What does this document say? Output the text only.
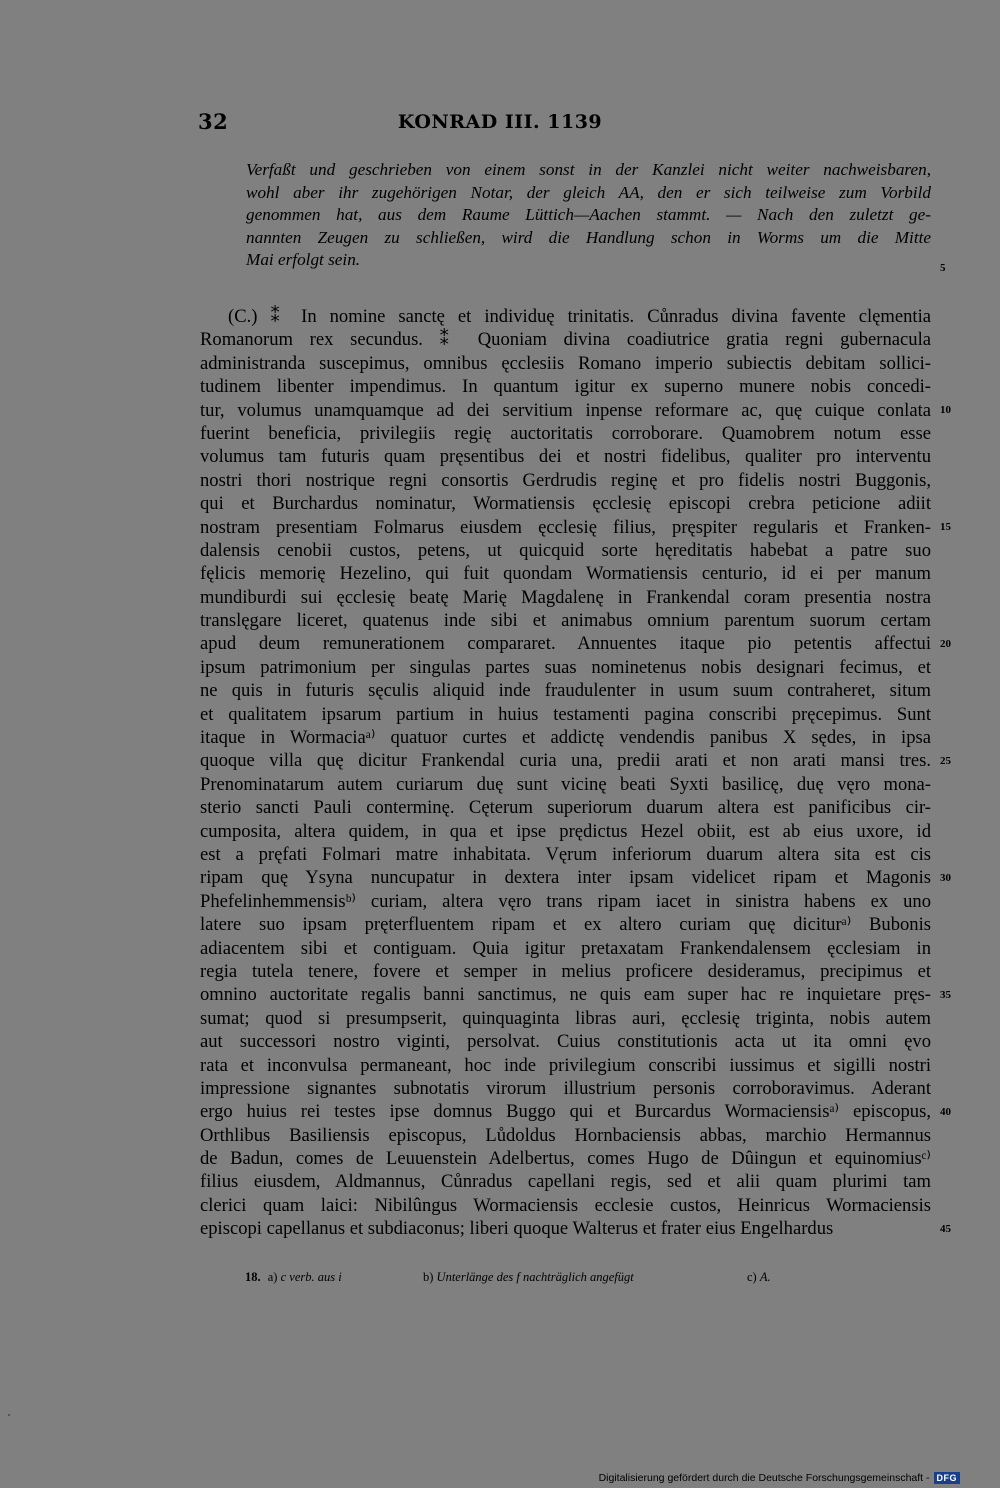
32	KONRAD III. 1139
Verfaßt und geschrieben von einem sonst in der Kanzlei nicht weiter nachweisbaren,
wohl aber ihr zugehörigen Notar, der gleich AA, den er sich teilweise zum Vorbild
genommen hat, aus dem Raume Lüttich—Aachen stammt. — Nach den zuletzt ge-
nannten Zeugen zu schließen, wird die Handlung schon in Worms um die Mitte
Mai erfolgt sein.	5
(C.) ⁑ In nomine sanctę et individuę trinitatis. Cůnradus divina favente clęmentia
Romanorum rex secundus. ⁑ Quoniam divina coadiutrice gratia regni gubernacula
administranda suscepimus, omnibus ęcclesiis Romano imperio subiectis debitam sollici-
tudinem libenter impendimus. In quantum igitur ex superno munere nobis concedi-
tur, volumus unamquamque ad dei servitium inpense reformare ac, quę cuique conlata
fuerint beneficia, privilegiis regię auctoritatis corroborare. Quamobrem notum esse
volumus tam futuris quam pręsentibus dei et nostri fidelibus, qualiter pro interventu
nostri thori nostrique regni consortis Gerdrudis reginę et pro fidelis nostri Buggonis,
qui et Burchardus nominatur, Wormatiensis ęcclesię episcopi crebra peticione adiit
nostram presentiam Folmarus eiusdem ęcclesię filius, pręspiter regularis et Franken-
dalensis cenobii custos, petens, ut quicquid sorte hęreditatis habebat a patre suo
fęlicis memorię Hezelino, qui fuit quondam Wormatiensis centurio, id ei per manum
mundiburdi sui ęcclesię beatę Marię Magdalenę in Frankendal coram presentia nostra
translęgare liceret, quatenus inde sibi et animabus omnium parentum suorum certam
apud deum remunerationem compararet. Annuentes itaque pio petentis affectui
ipsum patrimonium per singulas partes suas nominetenus nobis designari fecimus, et
ne quis in futuris sęculis aliquid inde fraudulenter in usum suum contraheret, situm
et qualitatem ipsarum partium in huius testamenti pagina conscribi pręcepimus. Sunt
itaque in Wormaciaᵃ⁾ quatuor curtes et addictę vendendis panibus X sędes, in ipsa
quoque villa quę dicitur Frankendal curia una, predii arati et non arati mansi tres.
Prenominatarum autem curiarum duę sunt vicinę beati Syxti basilicę, duę vęro mona-
sterio sancti Pauli conterminę. Cęterum superiorum duarum altera est panificibus cir-
cumposita, altera quidem, in qua et ipse prędictus Hezel obiit, est ab eius uxore, id
est a pręfati Folmari matre inhabitata. Vęrum inferiorum duarum altera sita est cis
ripam quę Ysyna nuncupatur in dextera inter ipsam videlicet ripam et Magonis
Phefelinhemmensisᵇ⁾ curiam, altera vęro trans ripam iacet in sinistra habens ex uno
latere suo ipsam pręterfluentem ripam et ex altero curiam quę diciturᵃ⁾ Bubonis
adiacentem sibi et contiguam. Quia igitur pretaxatam Frankendalensem ęcclesiam in
regia tutela tenere, fovere et semper in melius proficere desideramus, precipimus et
omnino auctoritate regalis banni sanctimus, ne quis eam super hac re inquietare pręs-
sumat; quod si presumpserit, quinquaginta libras auri, ęcclesię triginta, nobis autem
aut successori nostro viginti, persolvat. Cuius constitutionis acta ut ita omni ęvo
rata et inconvulsa permaneant, hoc inde privilegium conscribi iussimus et sigilli nostri
impressione signantes subnotatis virorum illustrium personis corroboravimus. Aderant
ergo huius rei testes ipse domnus Buggo qui et Burcardus Wormaciensisᵃ⁾ episcopus,
Orthlibus Basiliensis episcopus, Lůdoldus Hornbaciensis abbas, marchio Hermannus
de Badun, comes de Leuuenstein Adelbertus, comes Hugo de Dûingun et equinomiusᶜ⁾
filius eiusdem, Aldmannus, Cůnradus capellani regis, sed et alii quam plurimi tam
clerici quam laici: Nibilûngus Wormaciensis ecclesie custos, Heinricus Wormaciensis
episcopi capellanus et subdiaconus; liberi quoque Walterus et frater eius Engelhardus
10
15
20
25
30
35
40
45
18. a) c verb. aus i	b) Unterlänge des f nachträglich angefügt	c) A.
Digitalisierung gefördert durch die Deutsche Forschungsgemeinschaft - DFG
